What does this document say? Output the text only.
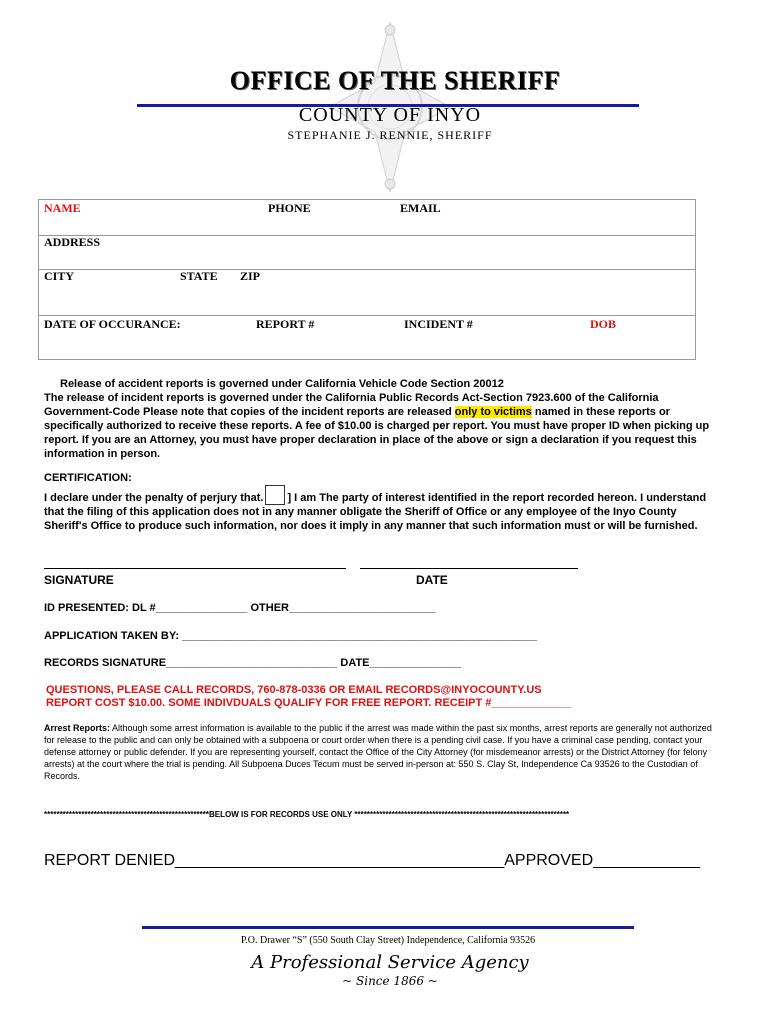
OFFICE OF THE SHERIFF
COUNTY OF INYO
STEPHANIE J. RENNIE, SHERIFF

NAME	PHONE	EMAIL
ADDRESS
CITY	STATE ZIP
DATE OF OCCURANCE:	REPORT #	INCIDENT #	DOB
Release of accident reports is governed under California Vehicle Code Section 20012
The release of incident reports is governed under the California Public Records Act-Section 7923.600 of the California Government-Code Please note that copies of the incident reports are released only to victims named in these reports or specifically authorized to receive these reports. A fee of $10.00 is charged per report. You must have proper ID when picking up report. If you are an Attorney, you must have proper declaration in place of the above or sign a declaration if you request this information in person.
CERTIFICATION:
I declare under the penalty of perjury that. ] I am The party of interest identified in the report recorded hereon. I understand that the filing of this application does not in any manner obligate the Sheriff of Office or any employee of the Inyo County Sheriff's Office to produce such information, nor does it imply in any manner that such information must or will be furnished.
SIGNATURE	DATE
ID PRESENTED: DL #_______________ OTHER________________________
APPLICATION TAKEN BY: __________________________________________________________
RECORDS SIGNATURE____________________________ DATE_______________
QUESTIONS, PLEASE CALL RECORDS, 760-878-0336 OR EMAIL RECORDS@INYOCOUNTY.US
REPORT COST $10.00. SOME INDIVDUALS QUALIFY FOR FREE REPORT. RECEIPT #_____________
Arrest Reports: Although some arrest information is available to the public if the arrest was made within the past six months, arrest reports are generally not authorized for release to the public and can only be obtained with a subpoena or court order when there is a pending civil case. If you have a criminal case pending, contact your defense attorney or public defender. If you are representing yourself, contact the Office of the City Attorney (for misdemeanor arrests) or the District Attorney (for felony arrests) at the court where the trial is pending. All Subpoena Duces Tecum must be served in-person at: 550 S. Clay St, Independence Ca 93526 to the Custodian of Records.
*****************************************************BELOW IS FOR RECORDS USE ONLY *********************************************************************
REPORT DENIED_____________________________________APPROVED____________
P.O. Drawer “S” (550 South Clay Street) Independence, California 93526
A Professional Service Agency
~ Since 1866 ~
